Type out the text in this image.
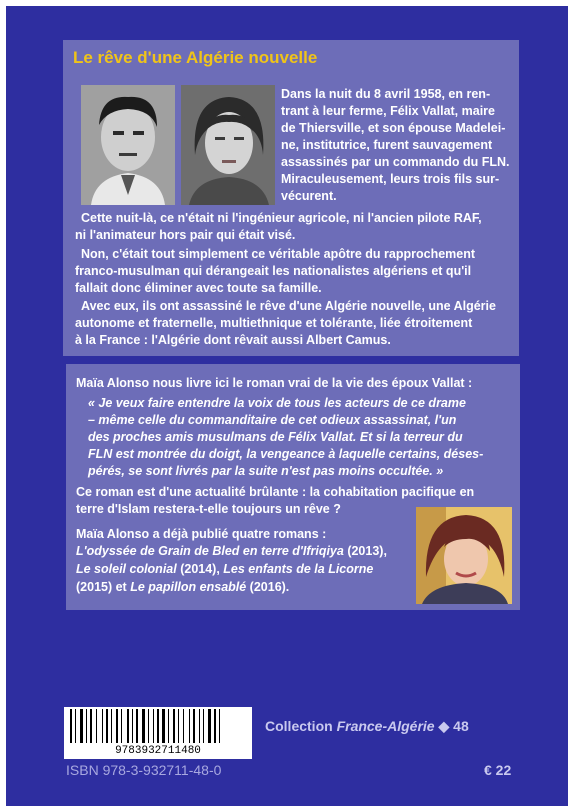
Le rêve d'une Algérie nouvelle
Dans la nuit du 8 avril 1958, en ren-
trant à leur ferme, Félix Vallat, maire
de Thiersville, et son épouse Madelei-
ne, institutrice, furent sauvagement
assassinés par un commando du FLN.
Miraculeusement, leurs trois fils sur-
vécurent.
Cette nuit-là, ce n'était ni l'ingénieur agricole, ni l'ancien pilote RAF,
ni l'animateur hors pair qui était visé.
Non, c'était tout simplement ce véritable apôtre du rapprochement
franco-musulman qui dérangeait les nationalistes algériens et qu'il
fallait donc éliminer avec toute sa famille.
Avec eux, ils ont assassiné le rêve d'une Algérie nouvelle, une Algérie
autonome et fraternelle, multiethnique et tolérante, liée étroitement
à la France : l'Algérie dont rêvait aussi Albert Camus.
Maïa Alonso nous livre ici le roman vrai de la vie des époux Vallat :
« Je veux faire entendre la voix de tous les acteurs de ce drame
– même celle du commanditaire de cet odieux assassinat, l'un
des proches amis musulmans de Félix Vallat. Et si la terreur du
FLN est montrée du doigt, la vengeance à laquelle certains, déses-
pérés, se sont livrés par la suite n'est pas moins occultée. »
Ce roman est d'une actualité brûlante : la cohabitation pacifique en
terre d'Islam restera-t-elle toujours un rêve ?
Maïa Alonso a déjà publié quatre romans :
L'odyssée de Grain de Bled en terre d'Ifriqiya (2013),
Le soleil colonial (2014), Les enfants de la Licorne
(2015) et Le papillon ensablé (2016).
9783932711480
Collection France-Algérie ◆ 48
ISBN 978-3-932711-48-0	€ 22
